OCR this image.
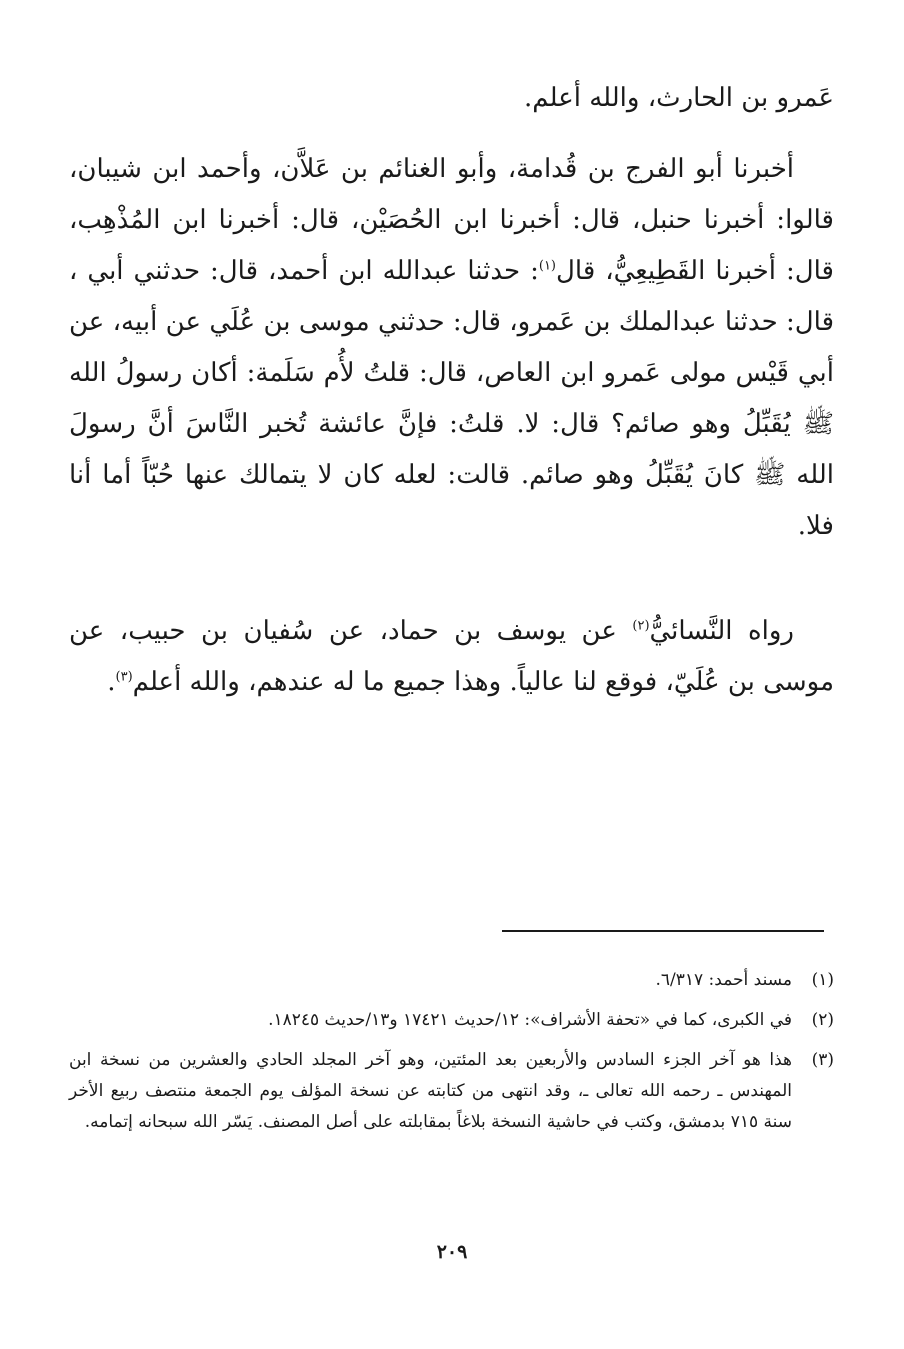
عَمرو بن الحارث، والله أعلم.

أخبرنا أبو الفرج بن قُدامة، وأبو الغنائم بن عَلاَّن، وأحمد ابن شيبان، قالوا: أخبرنا حنبل، قال: أخبرنا ابن الحُصَيْن، قال: أخبرنا ابن المُذْهِب، قال: أخبرنا القَطِيعِيُّ، قال$^{(١)}$: حدثنا عبدالله ابن أحمد، قال: حدثني أبي ، قال: حدثنا عبدالملك بن عَمرو، قال: حدثني موسى بن عُلَي عن أبيه، عن أبي قَيْس مولى عَمرو ابن العاص، قال: قلتُ لأُم سَلَمة: أكان رسولُ الله ﷺ يُقَبِّلُ وهو صائم؟ قال: لا. قلتُ: فإنَّ عائشة تُخبر النَّاسَ أنَّ رسولَ الله ﷺ كانَ يُقَبِّلُ وهو صائم. قالت: لعله كان لا يتمالك عنها حُبّاً أما أنا فلا.

رواه النَّسائيُّ$^{(٢)}$ عن يوسف بن حماد، عن سُفيان بن حبيب، عن موسى بن عُلَيّ، فوقع لنا عالياً. وهذا جميع ما له عندهم، والله أعلم$^{(٣)}$.

(١)
مسند أحمد: ٦/٣١٧.
(٢)
في الكبرى، كما في «تحفة الأشراف»: ١٢/حديث ١٧٤٢١ و١٣/حديث ١٨٢٤٥.
(٣)
هذا هو آخر الجزء السادس والأربعين بعد المئتين، وهو آخر المجلد الحادي والعشرين من نسخة ابن المهندس ـ رحمه الله تعالى ـ، وقد انتهى من كتابته عن نسخة المؤلف يوم الجمعة منتصف ربيع الأخر سنة ٧١٥ بدمشق، وكتب في حاشية النسخة بلاغاً بمقابلته على أصل المصنف. يَسّر الله سبحانه إتمامه.
٢٠٩
